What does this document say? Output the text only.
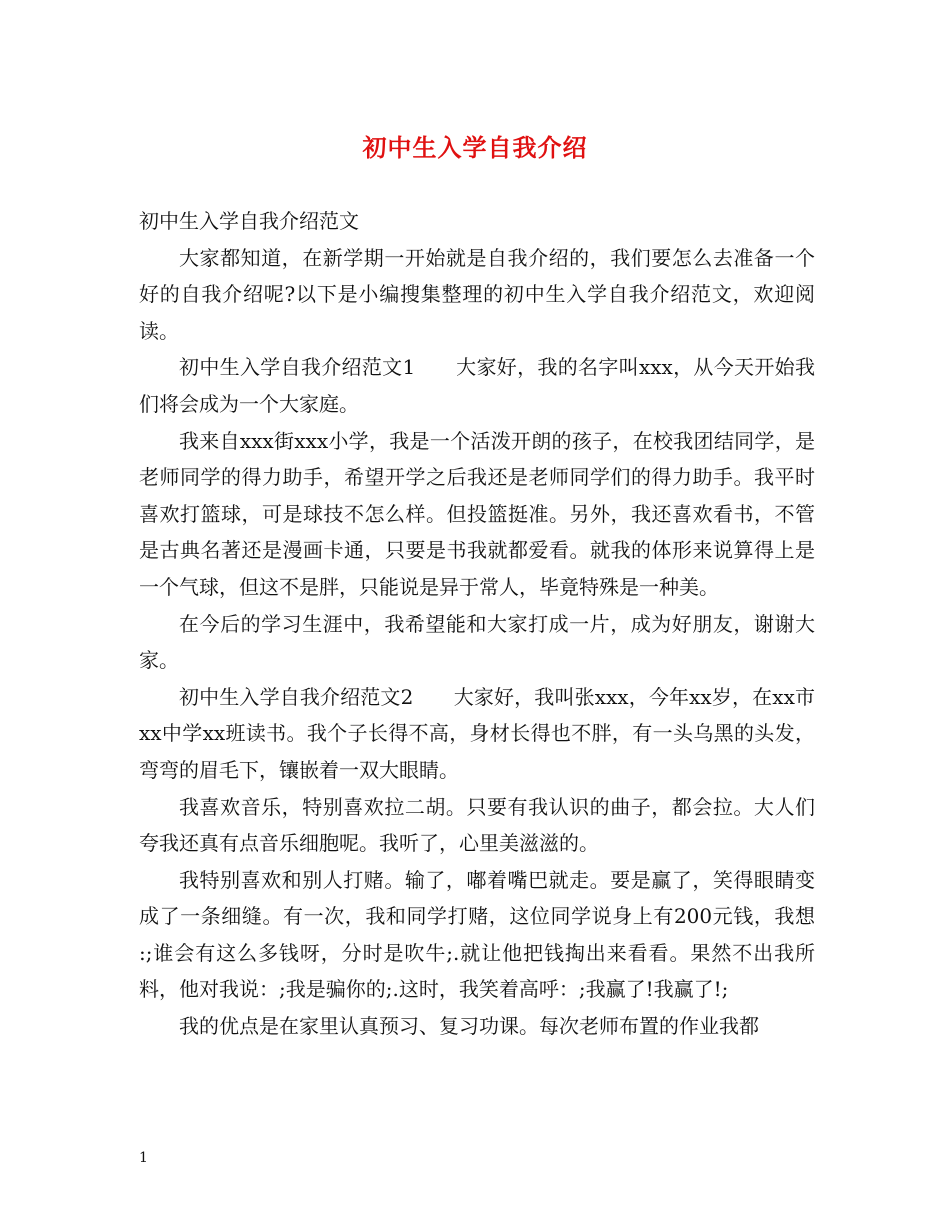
初中生入学自我介绍

初中生入学自我介绍范文

大家都知道，在新学期一开始就是自我介绍的，我们要怎么去准备一个好的自我介绍呢?以下是小编搜集整理的初中生入学自我介绍范文，欢迎阅读。

初中生入学自我介绍范文1　　大家好，我的名字叫xxx，从今天开始我们将会成为一个大家庭。

我来自xxx街xxx小学，我是一个活泼开朗的孩子，在校我团结同学，是老师同学的得力助手，希望开学之后我还是老师同学们的得力助手。我平时喜欢打篮球，可是球技不怎么样。但投篮挺准。另外，我还喜欢看书，不管是古典名著还是漫画卡通，只要是书我就都爱看。就我的体形来说算得上是一个气球，但这不是胖，只能说是异于常人，毕竟特殊是一种美。

在今后的学习生涯中，我希望能和大家打成一片，成为好朋友，谢谢大家。

初中生入学自我介绍范文2　　大家好，我叫张xxx，今年xx岁，在xx市xx中学xx班读书。我个子长得不高，身材长得也不胖，有一头乌黑的头发，弯弯的眉毛下，镶嵌着一双大眼睛。

我喜欢音乐，特别喜欢拉二胡。只要有我认识的曲子，都会拉。大人们夸我还真有点音乐细胞呢。我听了，心里美滋滋的。

我特别喜欢和别人打赌。输了，嘟着嘴巴就走。要是赢了，笑得眼睛变成了一条细缝。有一次，我和同学打赌，这位同学说身上有200元钱，我想 :;谁会有这么多钱呀，分时是吹牛;.就让他把钱掏出来看看。果然不出我所料，他对我说：;我是骗你的;.这时，我笑着高呼：;我赢了!我赢了!;

我的优点是在家里认真预习、复习功课。每次老师布置的作业我都

1
